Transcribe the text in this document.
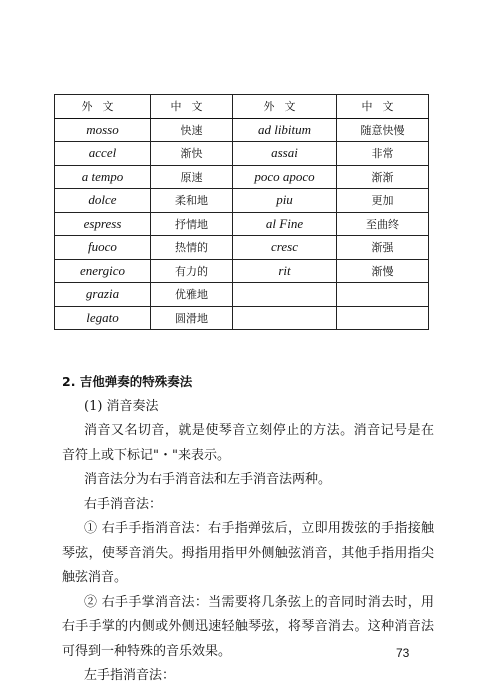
外文	中文	外文	中文
mosso	快速	ad libitum	随意快慢
accel	渐快	assai	非常
a tempo	原速	poco apoco	渐渐
dolce	柔和地	piu	更加
espress	抒情地	al Fine	至曲终
fuoco	热情的	cresc	渐强
energico	有力的	rit	渐慢
grazia	优雅地		
legato	圆滑地		

2. 吉他弹奏的特殊奏法

(1) 消音奏法

消音又名切音，就是使琴音立刻停止的方法。消音记号是在音符上或下标记"・"来表示。

消音法分为右手消音法和左手消音法两种。

右手消音法：

① 右手手指消音法：右手指弹弦后，立即用拨弦的手指接触琴弦，使琴音消失。拇指用指甲外侧触弦消音，其他手指用指尖触弦消音。

② 右手手掌消音法：当需要将几条弦上的音同时消去时，用右手手掌的内侧或外侧迅速轻触琴弦，将琴音消去。这种消音法可得到一种特殊的音乐效果。

左手指消音法：

73
